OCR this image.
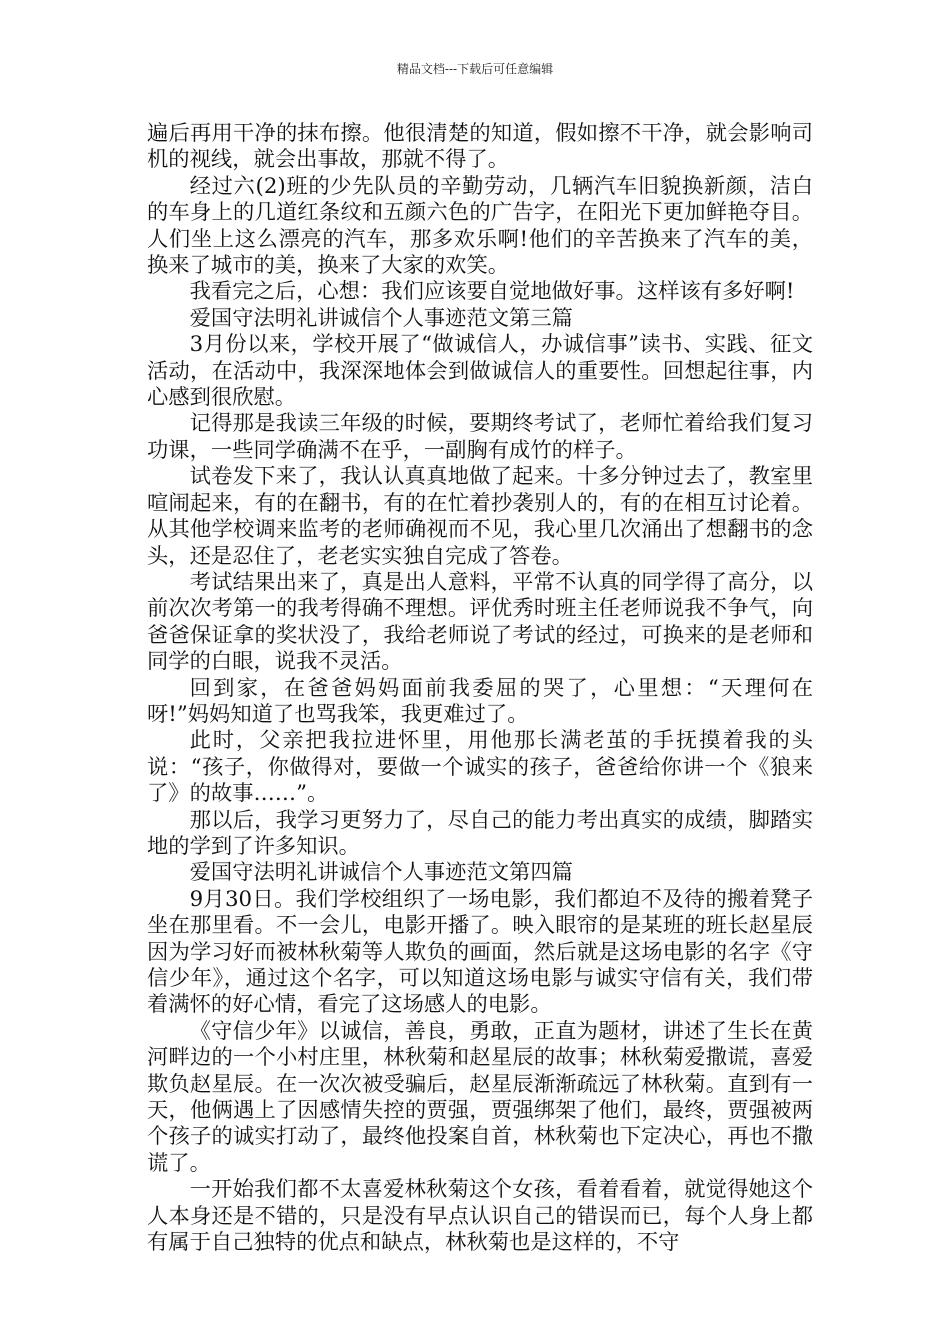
精品文档---下载后可任意编辑

遍后再用干净的抹布擦。他很清楚的知道，假如擦不干净，就会影响司机的视线，就会出事故，那就不得了。

经过六(2)班的少先队员的辛勤劳动，几辆汽车旧貌换新颜，洁白的车身上的几道红条纹和五颜六色的广告字，在阳光下更加鲜艳夺目。人们坐上这么漂亮的汽车，那多欢乐啊!他们的辛苦换来了汽车的美，换来了城市的美，换来了大家的欢笑。

我看完之后，心想：我们应该要自觉地做好事。这样该有多好啊!

爱国守法明礼讲诚信个人事迹范文第三篇

3月份以来，学校开展了“做诚信人，办诚信事”读书、实践、征文活动，在活动中，我深深地体会到做诚信人的重要性。回想起往事，内心感到很欣慰。

记得那是我读三年级的时候，要期终考试了，老师忙着给我们复习功课，一些同学确满不在乎，一副胸有成竹的样子。

试卷发下来了，我认认真真地做了起来。十多分钟过去了，教室里喧闹起来，有的在翻书，有的在忙着抄袭别人的，有的在相互讨论着。从其他学校调来监考的老师确视而不见，我心里几次涌出了想翻书的念头，还是忍住了，老老实实独自完成了答卷。

考试结果出来了，真是出人意料，平常不认真的同学得了高分，以前次次考第一的我考得确不理想。评优秀时班主任老师说我不争气，向爸爸保证拿的奖状没了，我给老师说了考试的经过，可换来的是老师和同学的白眼，说我不灵活。

回到家，在爸爸妈妈面前我委屈的哭了，心里想：“天理何在呀!”妈妈知道了也骂我笨，我更难过了。

此时，父亲把我拉进怀里，用他那长满老茧的手抚摸着我的头说：“孩子，你做得对，要做一个诚实的孩子，爸爸给你讲一个《狼来了》的故事……”。

那以后，我学习更努力了，尽自己的能力考出真实的成绩，脚踏实地的学到了许多知识。

爱国守法明礼讲诚信个人事迹范文第四篇

9月30日。我们学校组织了一场电影，我们都迫不及待的搬着凳子坐在那里看。不一会儿，电影开播了。映入眼帘的是某班的班长赵星辰因为学习好而被林秋菊等人欺负的画面，然后就是这场电影的名字《守信少年》，通过这个名字，可以知道这场电影与诚实守信有关，我们带着满怀的好心情，看完了这场感人的电影。

《守信少年》以诚信，善良，勇敢，正直为题材，讲述了生长在黄河畔边的一个小村庄里，林秋菊和赵星辰的故事；林秋菊爱撒谎，喜爱欺负赵星辰。在一次次被受骗后，赵星辰渐渐疏远了林秋菊。直到有一天，他俩遇上了因感情失控的贾强，贾强绑架了他们，最终，贾强被两个孩子的诚实打动了，最终他投案自首，林秋菊也下定决心，再也不撒谎了。

一开始我们都不太喜爱林秋菊这个女孩，看着看着，就觉得她这个人本身还是不错的，只是没有早点认识自己的错误而已，每个人身上都有属于自己独特的优点和缺点，林秋菊也是这样的，不守
